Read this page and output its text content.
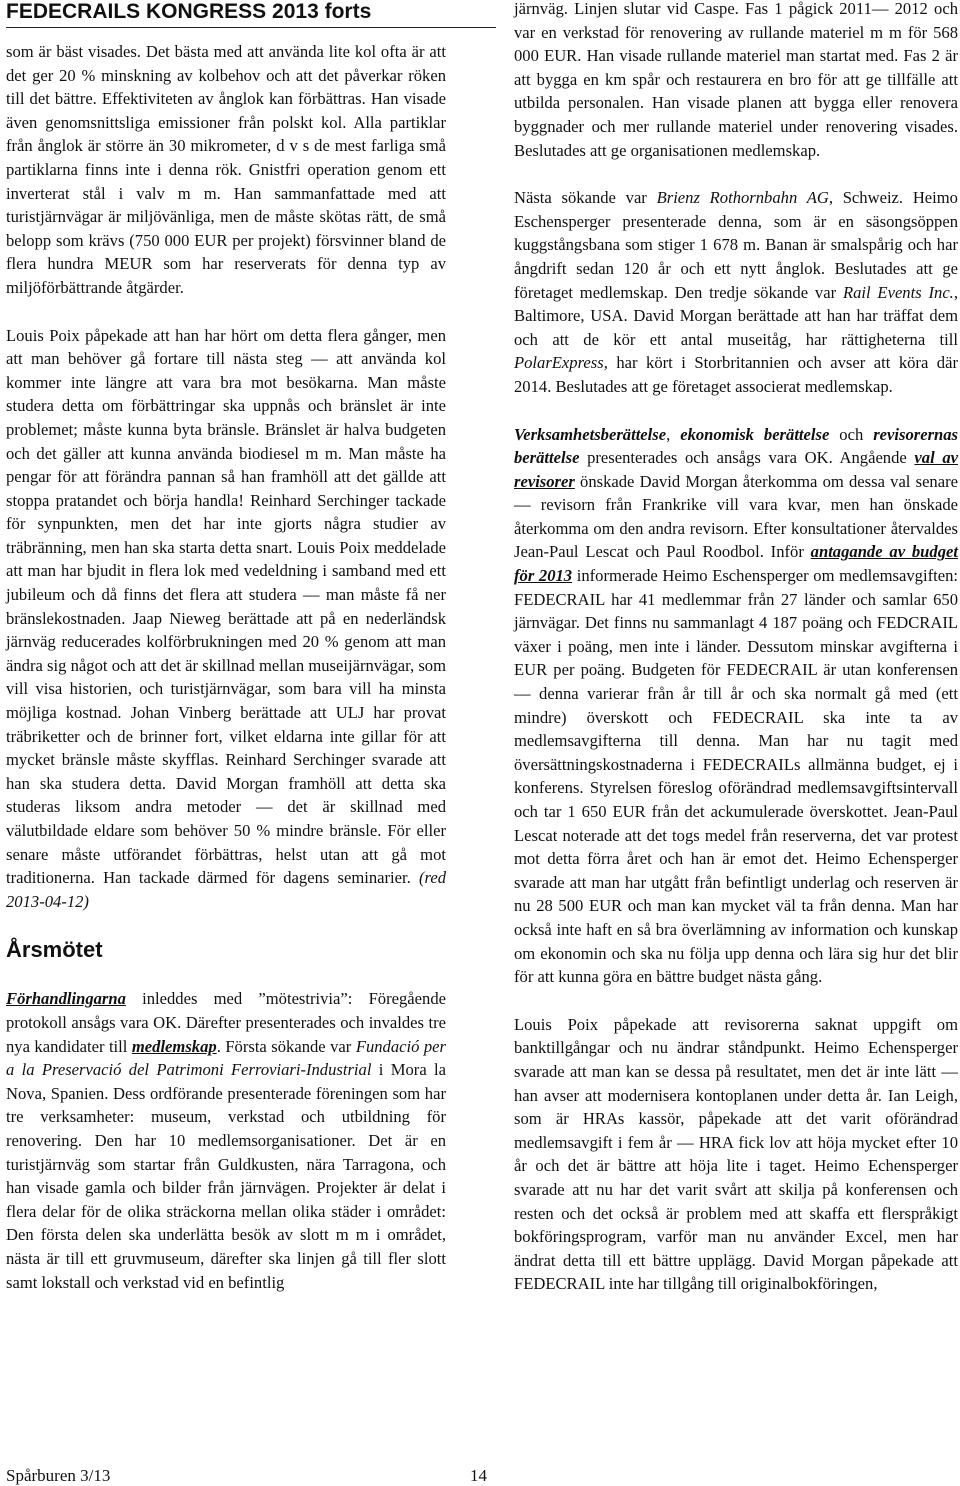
FEDECRAILS KONGRESS 2013 forts

som är bäst visades. Det bästa med att använda lite kol ofta är att det ger 20 % minskning av kolbehov och att det påverkar röken till det bättre. Effektiviteten av ånglok kan förbättras. Han visade även genomsnittsliga emissioner från polskt kol. Alla partiklar från ånglok är större än 30 mikrometer, d v s de mest farliga små partiklarna finns inte i denna rök. Gnistfri operation genom ett inverterat stål i valv m m. Han sammanfattade med att turistjärnvägar är miljövänliga, men de måste skötas rätt, de små belopp som krävs (750 000 EUR per projekt) försvinner bland de flera hundra MEUR som har reserverats för denna typ av miljöförbättrande åtgärder.

Louis Poix påpekade att han har hört om detta flera gånger, men att man behöver gå fortare till nästa steg — att använda kol kommer inte längre att vara bra mot besökarna. Man måste studera detta om förbättringar ska uppnås och bränslet är inte problemet; måste kunna byta bränsle. Bränslet är halva budgeten och det gäller att kunna använda biodiesel m m. Man måste ha pengar för att förändra pannan så han framhöll att det gällde att stoppa pratandet och börja handla! Reinhard Serchinger tackade för synpunkten, men det har inte gjorts några studier av träbränning, men han ska starta detta snart. Louis Poix meddelade att man har bjudit in flera lok med vedeldning i samband med ett jubileum och då finns det flera att studera — man måste få ner bränslekostnaden. Jaap Nieweg berättade att på en nederländsk järnväg reducerades kolförbrukningen med 20 % genom att man ändra sig något och att det är skillnad mellan museijärnvägar, som vill visa historien, och turistjärnvägar, som bara vill ha minsta möjliga kostnad. Johan Vinberg berättade att ULJ har provat träbriketter och de brinner fort, vilket eldarna inte gillar för att mycket bränsle måste skyfflas. Reinhard Serchinger svarade att han ska studera detta. David Morgan framhöll att detta ska studeras liksom andra metoder — det är skillnad med välutbildade eldare som behöver 50 % mindre bränsle. För eller senare måste utförandet förbättras, helst utan att gå mot traditionerna. Han tackade därmed för dagens seminarier. (red 2013-04-12)

Årsmötet

Förhandlingarna inleddes med ”mötestrivia”: Föregående protokoll ansågs vara OK. Därefter presenterades och invaldes tre nya kandidater till medlemskap. Första sökande var Fundació per a la Preservació del Patrimoni Ferroviari-Industrial i Mora la Nova, Spanien. Dess ordförande presenterade föreningen som har tre verksamheter: museum, verkstad och utbildning för renovering. Den har 10 medlemsorganisationer. Det är en turistjärnväg som startar från Guldkusten, nära Tarragona, och han visade gamla och bilder från järnvägen. Projekter är delat i flera delar för de olika sträckorna mellan olika städer i området: Den första delen ska underlätta besök av slott m m i området, nästa är till ett gruvmuseum, därefter ska linjen gå till fler slott samt lokstall och verkstad vid en befintlig

järnväg. Linjen slutar vid Caspe. Fas 1 pågick 2011— 2012 och var en verkstad för renovering av rullande materiel m m för 568 000 EUR. Han visade rullande materiel man startat med. Fas 2 är att bygga en km spår och restaurera en bro för att ge tillfälle att utbilda personalen. Han visade planen att bygga eller renovera byggnader och mer rullande materiel under renovering visades. Beslutades att ge organisationen medlemskap.

Nästa sökande var Brienz Rothornbahn AG, Schweiz. Heimo Eschensperger presenterade denna, som är en säsongsöppen kuggstångsbana som stiger 1 678 m. Banan är smalspårig och har ångdrift sedan 120 år och ett nytt ånglok. Beslutades att ge företaget medlemskap. Den tredje sökande var Rail Events Inc., Baltimore, USA. David Morgan berättade att han har träffat dem och att de kör ett antal museitåg, har rättigheterna till PolarExpress, har kört i Storbritannien och avser att köra där 2014. Beslutades att ge företaget associerat medlemskap.

Verksamhetsberättelse, ekonomisk berättelse och revisorernas berättelse presenterades och ansågs vara OK. Angående val av revisorer önskade David Morgan återkomma om dessa val senare — revisorn från Frankrike vill vara kvar, men han önskade återkomma om den andra revisorn. Efter konsultationer återvaldes Jean-Paul Lescat och Paul Roodbol. Inför antagande av budget för 2013 informerade Heimo Eschensperger om medlemsavgiften: FEDECRAIL har 41 medlemmar från 27 länder och samlar 650 järnvägar. Det finns nu sammanlagt 4 187 poäng och FEDCRAIL växer i poäng, men inte i länder. Dessutom minskar avgifterna i EUR per poäng. Budgeten för FEDECRAIL är utan konferensen — denna varierar från år till år och ska normalt gå med (ett mindre) överskott och FEDECRAIL ska inte ta av medlemsavgifterna till denna. Man har nu tagit med översättningskostnaderna i FEDECRAILs allmänna budget, ej i konferens. Styrelsen föreslog oförändrad medlemsavgiftsintervall och tar 1 650 EUR från det ackumulerade överskottet. Jean-Paul Lescat noterade att det togs medel från reserverna, det var protest mot detta förra året och han är emot det. Heimo Echensperger svarade att man har utgått från befintligt underlag och reserven är nu 28 500 EUR och man kan mycket väl ta från denna. Man har också inte haft en så bra överlämning av information och kunskap om ekonomin och ska nu följa upp denna och lära sig hur det blir för att kunna göra en bättre budget nästa gång.

Louis Poix påpekade att revisorerna saknat uppgift om banktillgångar och nu ändrar ståndpunkt. Heimo Echensperger svarade att man kan se dessa på resultatet, men det är inte lätt — han avser att modernisera kontoplanen under detta år. Ian Leigh, som är HRAs kassör, påpekade att det varit oförändrad medlemsavgift i fem år — HRA fick lov att höja mycket efter 10 år och det är bättre att höja lite i taget. Heimo Echensperger svarade att nu har det varit svårt att skilja på konferensen och resten och det också är problem med att skaffa ett flerspråkigt bokföringsprogram, varför man nu använder Excel, men har ändrat detta till ett bättre upplägg. David Morgan påpekade att FEDECRAIL inte har tillgång till originalbokföringen,

Spårburen 3/13	14
